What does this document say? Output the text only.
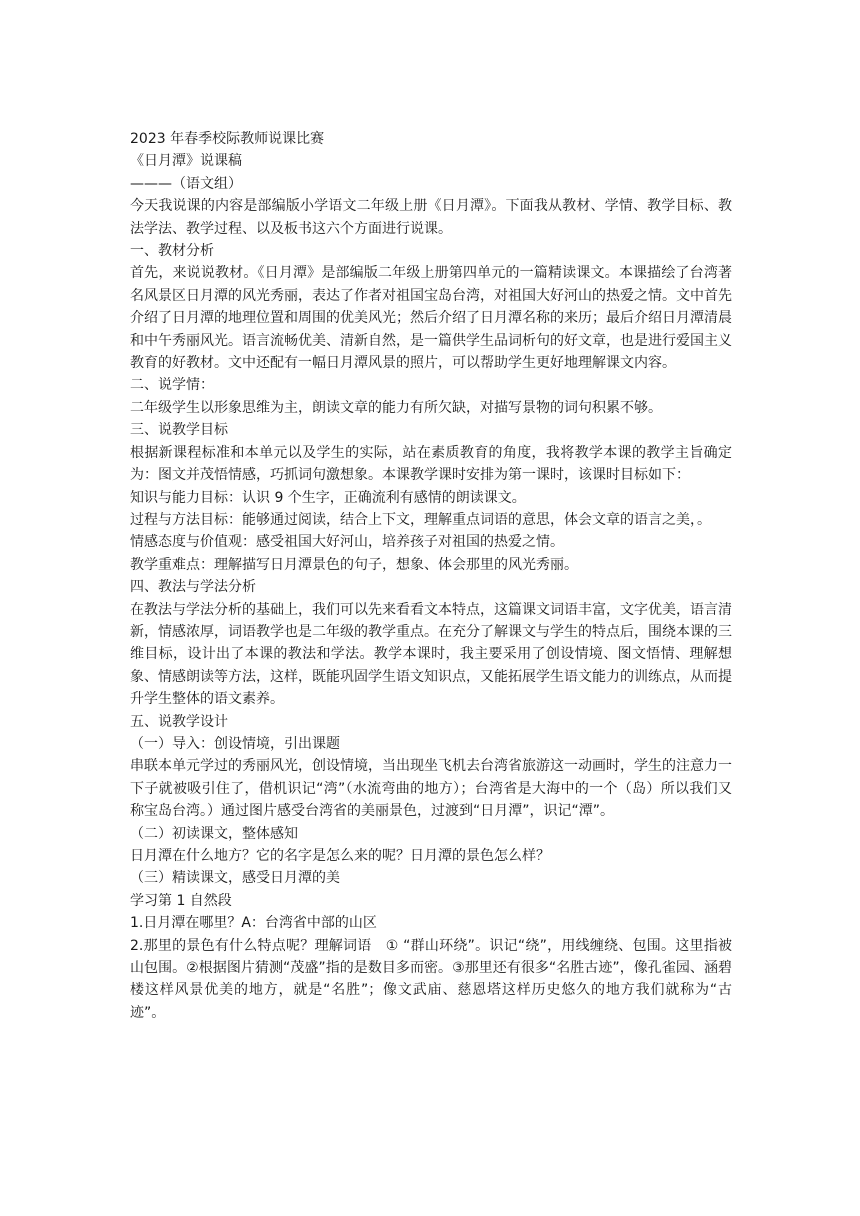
2023 年春季校际教师说课比赛
《日月潭》说课稿
———（语文组）

今天我说课的内容是部编版小学语文二年级上册《日月潭》。下面我从教材、学情、教学目标、教法学法、教学过程、以及板书这六个方面进行说课。

一、教材分析

首先，来说说教材。《日月潭》是部编版二年级上册第四单元的一篇精读课文。本课描绘了台湾著名风景区日月潭的风光秀丽，表达了作者对祖国宝岛台湾，对祖国大好河山的热爱之情。文中首先介绍了日月潭的地理位置和周围的优美风光；然后介绍了日月潭名称的来历；最后介绍日月潭清晨和中午秀丽风光。语言流畅优美、清新自然，是一篇供学生品词析句的好文章，也是进行爱国主义教育的好教材。文中还配有一幅日月潭风景的照片，可以帮助学生更好地理解课文内容。

二、说学情：

二年级学生以形象思维为主，朗读文章的能力有所欠缺，对描写景物的词句积累不够。

三、说教学目标

根据新课程标准和本单元以及学生的实际，站在素质教育的角度，我将教学本课的教学主旨确定为：图文并茂悟情感，巧抓词句激想象。本课教学课时安排为第一课时，该课时目标如下：

知识与能力目标：认识 9 个生字，正确流利有感情的朗读课文。

过程与方法目标：能够通过阅读，结合上下文，理解重点词语的意思，体会文章的语言之美，。

情感态度与价值观：感受祖国大好河山，培养孩子对祖国的热爱之情。

教学重难点：理解描写日月潭景色的句子，想象、体会那里的风光秀丽。

四、教法与学法分析

在教法与学法分析的基础上，我们可以先来看看文本特点，这篇课文词语丰富，文字优美，语言清新，情感浓厚，词语教学也是二年级的教学重点。在充分了解课文与学生的特点后，围绕本课的三维目标，设计出了本课的教法和学法。教学本课时，我主要采用了创设情境、图文悟情、理解想象、情感朗读等方法，这样，既能巩固学生语文知识点，又能拓展学生语文能力的训练点，从而提升学生整体的语文素养。

五、说教学设计
（一）导入：创设情境，引出课题

串联本单元学过的秀丽风光，创设情境，当出现坐飞机去台湾省旅游这一动画时，学生的注意力一下子就被吸引住了，借机识记“湾”（水流弯曲的地方）；台湾省是大海中的一个（岛）所以我们又称宝岛台湾。）通过图片感受台湾省的美丽景色，过渡到“日月潭”，识记“潭”。

（二）初读课文，整体感知

日月潭在什么地方？它的名字是怎么来的呢？日月潭的景色怎么样？

（三）精读课文，感受日月潭的美
学习第 1 自然段

1.日月潭在哪里？A：台湾省中部的山区

2.那里的景色有什么特点呢？理解词语　① “群山环绕”。识记“绕”，用线缠绕、包围。这里指被山包围。②根据图片猜测“茂盛”指的是数目多而密。③那里还有很多“名胜古迹”，像孔雀园、涵碧楼这样风景优美的地方，就是“名胜”；像文武庙、慈恩塔这样历史悠久的地方我们就称为“古迹”。
